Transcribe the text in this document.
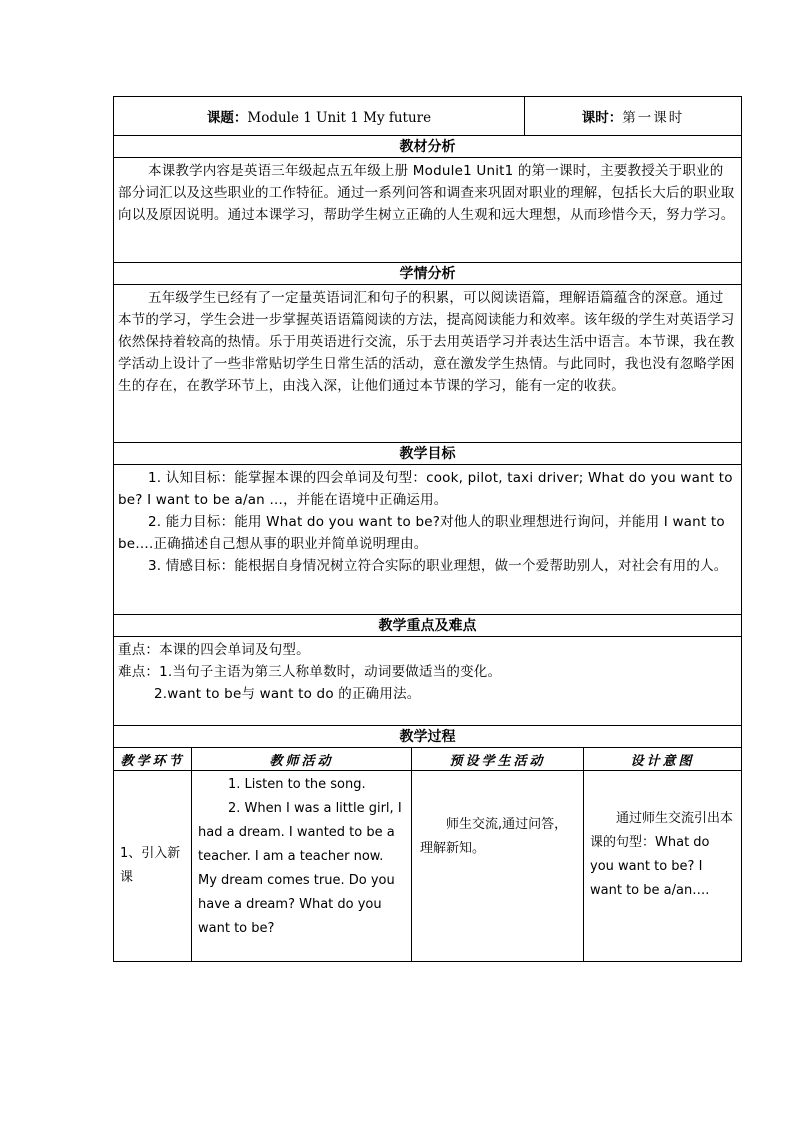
课题：Module 1 Unit 1 My future			课时：第一课时	
教材分析				

本课教学内容是英语三年级起点五年级上册 Module1 Unit1 的第一课时，主要教授关于职业的部分词汇以及这些职业的工作特征。通过一系列问答和调查来巩固对职业的理解，包括长大后的职业取向以及原因说明。通过本课学习，帮助学生树立正确的人生观和远大理想，从而珍惜今天，努力学习。				

学情分析				

五年级学生已经有了一定量英语词汇和句子的积累，可以阅读语篇，理解语篇蕴含的深意。通过本节的学习，学生会进一步掌握英语语篇阅读的方法，提高阅读能力和效率。该年级的学生对英语学习依然保持着较高的热情。乐于用英语进行交流，乐于去用英语学习并表达生活中语言。本节课，我在教学活动上设计了一些非常贴切学生日常生活的活动，意在激发学生热情。与此同时，我也没有忽略学困生的存在，在教学环节上，由浅入深，让他们通过本节课的学习，能有一定的收获。				

教学目标				

1. 认知目标：能掌握本课的四会单词及句型：cook, pilot, taxi driver; What do you want to be? I want to be a/an …，并能在语境中正确运用。

2. 能力目标：能用 What do you want to be?对他人的职业理想进行询问，并能用 I want to be….正确描述自己想从事的职业并简单说明理由。

3. 情感目标：能根据自身情况树立符合实际的职业理想，做一个爱帮助别人，对社会有用的人。				

教学重点及难点				

重点：本课的四会单词及句型。

难点：1.当句子主语为第三人称单数时，动词要做适当的变化。

2.want to be与 want to do 的正确用法。				

教学过程				
教学环节	教师活动	预设学生活动		设计意图
1、引入新课	1. Listen to the song.

2. When I was a little girl, I had a dream. I wanted to be a teacher. I am a teacher now. My dream comes true. Do you have a dream? What do you want to be?	师生交流,通过问答，理解新知。		通过师生交流引出本课的句型：What do you want to be? I want to be a/an….
